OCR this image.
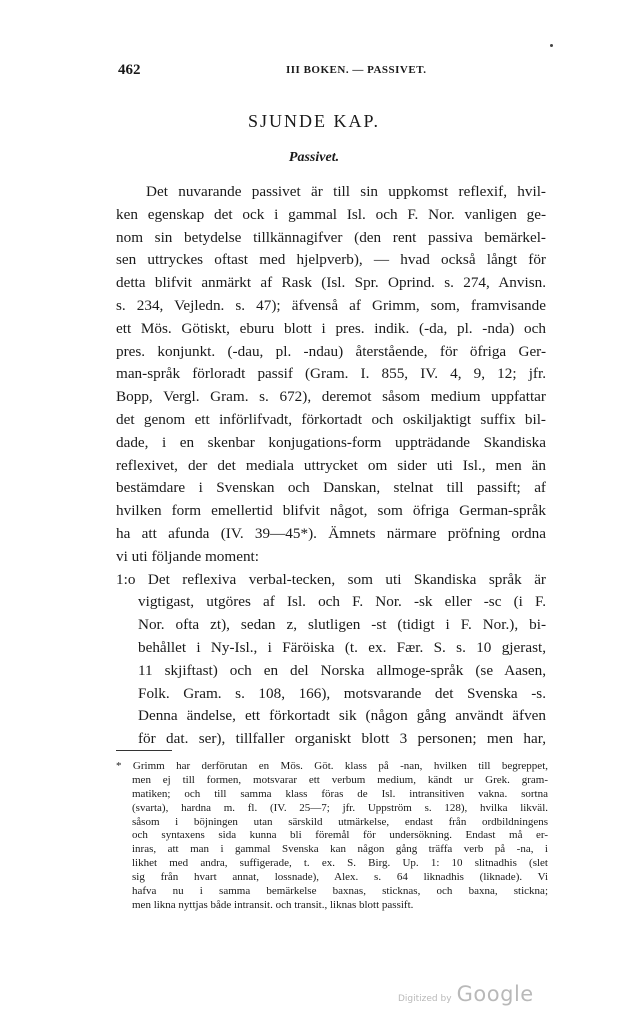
462	III BOKEN. — PASSIVET.
SJUNDE KAP.
Passivet.
Det nuvarande passivet är till sin uppkomst reflexif, hvil-
ken egenskap det ock i gammal Isl. och F. Nor. vanligen ge-
nom sin betydelse tillkännagifver (den rent passiva bemärkel-
sen uttryckes oftast med hjelpverb), — hvad också långt för
detta blifvit anmärkt af Rask (Isl. Spr. Oprind. s. 274, Anvisn.
s. 234, Vejledn. s. 47); äfvenså af Grimm, som, framvisande
ett Mös. Götiskt, eburu blott i pres. indik. (-da, pl. -nda) och
pres. konjunkt. (-dau, pl. -ndau) återstående, för öfriga Ger-
man-språk förloradt passif (Gram. I. 855, IV. 4, 9, 12; jfr.
Bopp, Vergl. Gram. s. 672), deremot såsom medium uppfattar
det genom ett införlifvadt, förkortadt och oskiljaktigt suffix bil-
dade, i en skenbar konjugations-form uppträdande Skandiska
reflexivet, der det mediala uttrycket om sider uti Isl., men än
bestämdare i Svenskan och Danskan, stelnat till passift; af
hvilken form emellertid blifvit något, som öfriga German-språk
ha att afunda (IV. 39—45*). Ämnets närmare pröfning ordna
vi uti följande moment:
1:o Det reflexiva verbal-tecken, som uti Skandiska språk är
vigtigast, utgöres af Isl. och F. Nor. -sk eller -sc (i F.
Nor. ofta zt), sedan z, slutligen -st (tidigt i F. Nor.), bi-
behållet i Ny-Isl., i Färöiska (t. ex. Fær. S. s. 10 gjerast,
11 skjiftast) och en del Norska allmoge-språk (se Aasen,
Folk. Gram. s. 108, 166), motsvarande det Svenska -s.
Denna ändelse, ett förkortadt sik (någon gång användt äfven
för dat. ser), tillfaller organiskt blott 3 personen; men har,
* Grimm har derförutan en Mös. Göt. klass på -nan, hvilken till begreppet,
men ej till formen, motsvarar ett verbum medium, kändt ur Grek. gram-
matiken; och till samma klass föras de Isl. intransitiven vakna. sortna
(svarta), hardna m. fl. (IV. 25—7; jfr. Uppström s. 128), hvilka likväl.
såsom i böjningen utan särskild utmärkelse, endast från ordbildningens
och syntaxens sida kunna bli föremål för undersökning. Endast må er-
inras, att man i gammal Svenska kan någon gång träffa verb på -na, i
likhet med andra, suffigerade, t. ex. S. Birg. Up. 1: 10 slitnadhis (slet
sig från hvart annat, lossnade), Alex. s. 64 liknadhis (liknade). Vi
hafva nu i samma bemärkelse baxnas, sticknas, och baxna, stickna;
men likna nyttjas både intransit. och transit., liknas blott passift.
Digitized by Google
